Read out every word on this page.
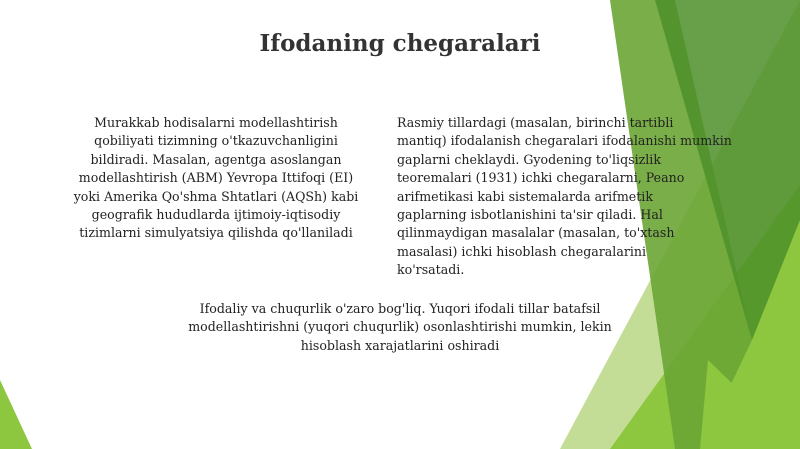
Ifodaning chegaralari
Murakkab hodisalarni modellashtirish
qobiliyati tizimning o'tkazuvchanligini
bildiradi. Masalan, agentga asoslangan
modellashtirish (ABM) Yevropa Ittifoqi (EI)
yoki Amerika Qo'shma Shtatlari (AQSh) kabi
geografik hududlarda ijtimoiy-iqtisodiy
tizimlarni simulyatsiya qilishda qo'llaniladi
Rasmiy tillardagi (masalan, birinchi tartibli
mantiq) ifodalanish chegaralari ifodalanishi mumkin
gaplarni cheklaydi. Gyodening to'liqsizlik
teoremalari (1931) ichki chegaralarni, Peano
arifmetikasi kabi sistemalarda arifmetik
gaplarning isbotlanishini ta'sir qiladi. Hal
qilinmaydigan masalalar (masalan, to'xtash
masalasi) ichki hisoblash chegaralarini
ko'rsatadi.
Ifodaliy va chuqurlik o'zaro bog'liq. Yuqori ifodali tillar batafsil
modellashtirishni (yuqori chuqurlik) osonlashtirishi mumkin, lekin
hisoblash xarajatlarini oshiradi
